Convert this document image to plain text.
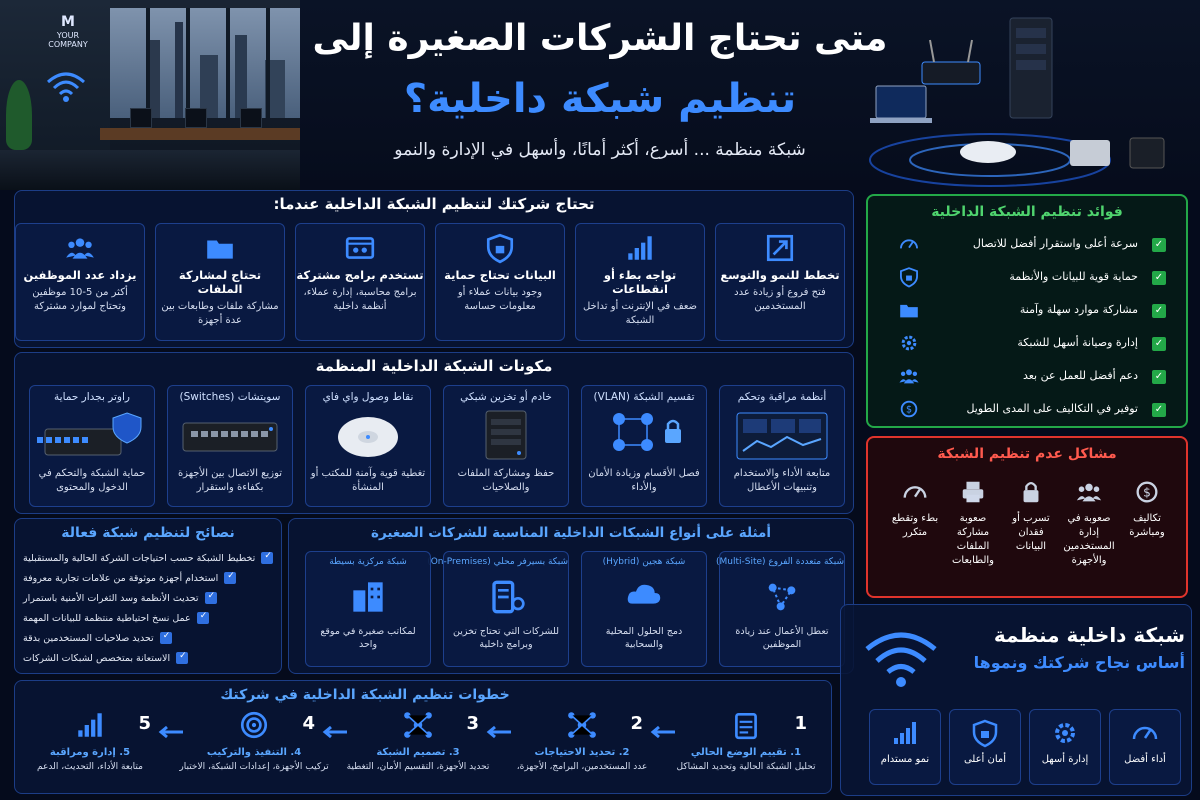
M
YOUR
COMPANY	متى تحتاج الشركات الصغيرة إلى
تنظيم شبكة داخلية؟
شبكة منظمة ... أسرع، أكثر أمانًا، وأسهل في الإدارة والنمو
تحتاج شركتك لتنظيم الشبكة الداخلية عندما:
تخطط للنمو والتوسع
فتح فروع أو زيادة عدد المستخدمين
تواجه بطء أو انقطاعات
ضعف في الإنترنت أو تداخل الشبكة
البيانات تحتاج حماية
وجود بيانات عملاء أو معلومات حساسة
تستخدم برامج مشتركة
برامج محاسبة، إدارة عملاء، أنظمة داخلية
تحتاج لمشاركة الملفات
مشاركة ملفات وطابعات بين عدة أجهزة
يزداد عدد الموظفين
أكثر من 5-10 موظفين وتحتاج لموارد مشتركة
مكونات الشبكة الداخلية المنظمة
أنظمة مراقبة وتحكم
متابعة الأداء والاستخدام وتنبيهات الأعطال
تقسيم الشبكة (VLAN)
فصل الأقسام وزيادة الأمان والأداء
خادم أو تخزين شبكي
حفظ ومشاركة الملفات والصلاحيات
نقاط وصول واي فاي
تغطية قوية وآمنة للمكتب أو المنشأة
سويتشات (Switches)
توزيع الاتصال بين الأجهزة بكفاءة واستقرار
راوتر بجدار حماية
حماية الشبكة والتحكم في الدخول والمحتوى
نصائح لتنظيم شبكة فعالة
✓
تخطيط الشبكة حسب احتياجات الشركة الحالية والمستقبلية
✓
استخدام أجهزة موثوقة من علامات تجارية معروفة
✓
تحديث الأنظمة وسد الثغرات الأمنية باستمرار
✓
عمل نسخ احتياطية منتظمة للبيانات المهمة
✓
تحديد صلاحيات المستخدمين بدقة
✓
الاستعانة بمتخصص لشبكات الشركات
أمثلة على أنواع الشبكات الداخلية المناسبة للشركات الصغيرة
شبكة متعددة الفروع (Multi-Site)
تعطل الأعمال عند زيادة الموظفين
شبكة هجين (Hybrid)
دمج الحلول المحلية والسحابية
شبكة بسيرفر محلي (On-Premises
للشركات التي تحتاج تخزين وبرامج داخلية
شبكة مركزية بسيطة
لمكاتب صغيرة في موقع واحد
خطوات تنظيم الشبكة الداخلية في شركتك
1
1. تقييم الوضع الحالي
تحليل الشبكة الحالية وتحديد المشاكل
2
2. تحديد الاحتياجات
عدد المستخدمين، البرامج، الأجهزة،
3
3. تصميم الشبكة
تحديد الأجهزة، التقسيم الأمان، التغطية
4
4. التنفيذ والتركيب
تركيب الأجهزة، إعدادات الشبكة، الاختبار
5
5. إدارة ومراقبة
متابعة الأداء، التحديث، الدعم
فوائد تنظيم الشبكة الداخلية
✓
سرعة أعلى واستقرار أفضل للاتصال
✓
حماية قوية للبيانات والأنظمة
✓
مشاركة موارد سهلة وآمنة
✓
إدارة وصيانة أسهل للشبكة
✓
دعم أفضل للعمل عن بعد
✓
توفير في التكاليف على المدى الطويل
$
مشاكل عدم تنظيم الشبكة
$
تكاليف ومباشرة
صعوبة في إدارة المستخدمين والأجهزة
تسرب أو فقدان البيانات
صعوبة مشاركة الملفات والطابعات
بطء وتقطع متكرر
شبكة داخلية منظمة
أساس نجاح شركتك ونموها
أداء أفضل
إدارة أسهل
أمان أعلى
نمو مستدام
